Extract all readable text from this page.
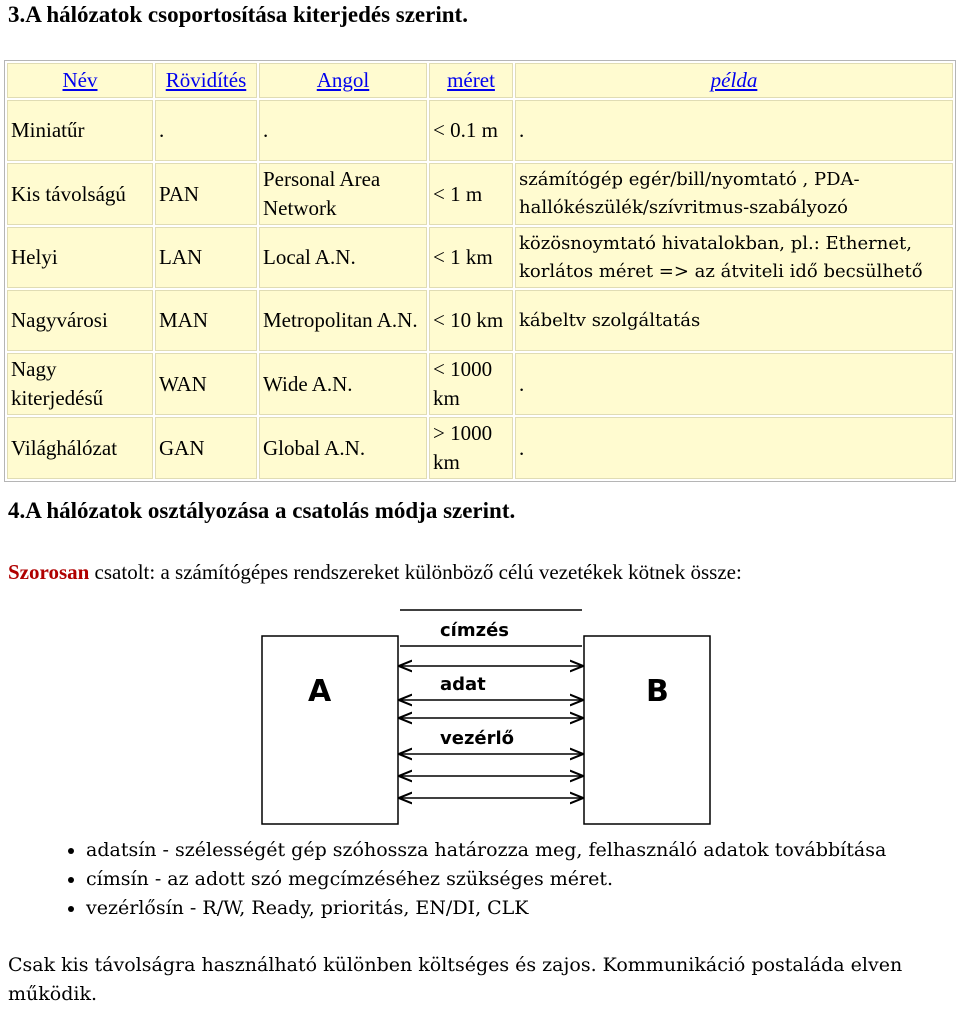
3.A hálózatok csoportosítása kiterjedés szerint.
Név	Rövidítés	Angol	méret	példa
Miniatűr	.	.	< 0.1 m	.
Kis távolságú	PAN	Personal Area Network	< 1 m	számítógép egér/bill/nyomtató , PDA-hallókészülék/szívritmus-szabályozó
Helyi	LAN	Local A.N.	< 1 km	közösnoymtató hivatalokban, pl.: Ethernet, korlátos méret => az átviteli idő becsülhető
Nagyvárosi	MAN	Metropolitan A.N.	< 10 km	kábeltv szolgáltatás
Nagy kiterjedésű	WAN	Wide A.N.	< 1000 km	.
Világhálózat	GAN	Global A.N.	> 1000 km	.
4.A hálózatok osztályozása a csatolás módja szerint.

Szorosan csatolt: a számítógépes rendszereket különböző célú vezetékek kötnek össze:

A	B
címzés
adat
vezérlő
• adatsín - szélességét gép szóhossza határozza meg, felhasználó adatok továbbítása
• címsín - az adott szó megcímzéséhez szükséges méret.
• vezérlősín - R/W, Ready, prioritás, EN/DI, CLK

Csak kis távolságra használható különben költséges és zajos. Kommunikáció postaláda elven működik.
